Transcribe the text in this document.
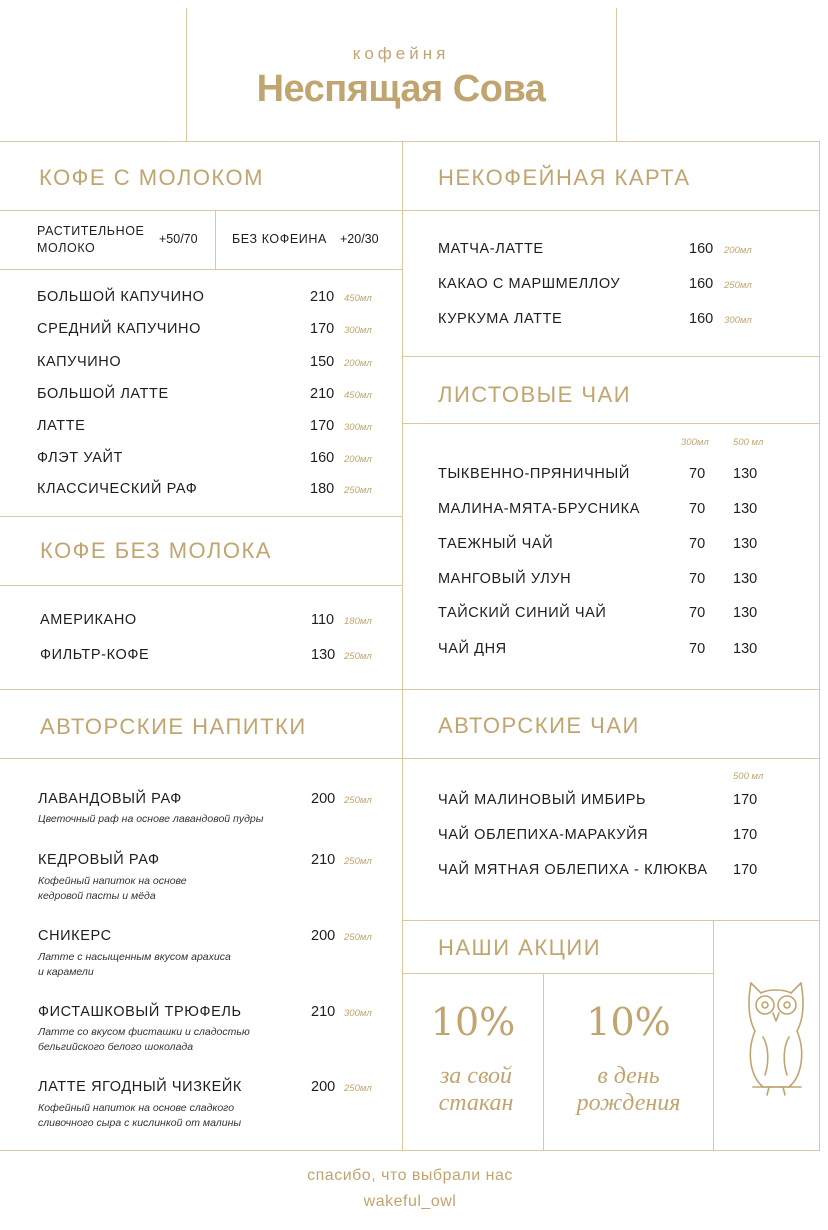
кофейня
Неспящая Сова
КОФЕ С МОЛОКОМ
РАСТИТЕЛЬНОЕ
МОЛОКО
+50/70	БЕЗ КОФЕИНА +20/30
БОЛЬШОЙ КАПУЧИНО	210 450мл
СРЕДНИЙ КАПУЧИНО	170 300мл
КАПУЧИНО	150 200мл
БОЛЬШОЙ ЛАТТЕ	210 450мл
ЛАТТЕ	170 300мл
ФЛЭТ УАЙТ	160 200мл
КЛАССИЧЕСКИЙ РАФ	180 250мл
КОФЕ БЕЗ МОЛОКА
АМЕРИКАНО	110 180мл
ФИЛЬТР-КОФЕ	130 250мл
АВТОРСКИЕ НАПИТКИ
ЛАВАНДОВЫЙ РАФ	200 250мл
Цветочный раф на основе лавандовой пудры
КЕДРОВЫЙ РАФ	210 250мл
Кофейный напиток на основе
кедровой пасты и мёда
СНИКЕРС	200 250мл
Латте с насыщенным вкусом арахиса
и карамели
ФИСТАШКОВЫЙ ТРЮФЕЛЬ	210 300мл
Латте со вкусом фисташки и сладостью
бельгийского белого шоколада
ЛАТТЕ ЯГОДНЫЙ ЧИЗКЕЙК	200 250мл
Кофейный напиток на основе сладкого
сливочного сыра с кислинкой от малины
НЕКОФЕЙНАЯ КАРТА
МАТЧА-ЛАТТЕ	160 200мл
КАКАО С МАРШМЕЛЛОУ	160 250мл
КУРКУМА ЛАТТЕ	160 300мл
ЛИСТОВЫЕ ЧАИ
300мл	500 мл
ТЫКВЕННО-ПРЯНИЧНЫЙ	70 130
МАЛИНА-МЯТА-БРУСНИКА	70 130
ТАЕЖНЫЙ ЧАЙ	70 130
МАНГОВЫЙ УЛУН	70 130
ТАЙСКИЙ СИНИЙ ЧАЙ	70 130
ЧАЙ ДНЯ	70 130
АВТОРСКИЕ ЧАИ
500 мл
ЧАЙ МАЛИНОВЫЙ ИМБИРЬ	170
ЧАЙ ОБЛЕПИХА-МАРАКУЙЯ	170
ЧАЙ МЯТНАЯ ОБЛЕПИХА - КЛЮКВА 170
НАШИ АКЦИИ
10%
за свой
стакан
10%
в день
рождения
спасибо, что выбрали нас
wakeful_owl
